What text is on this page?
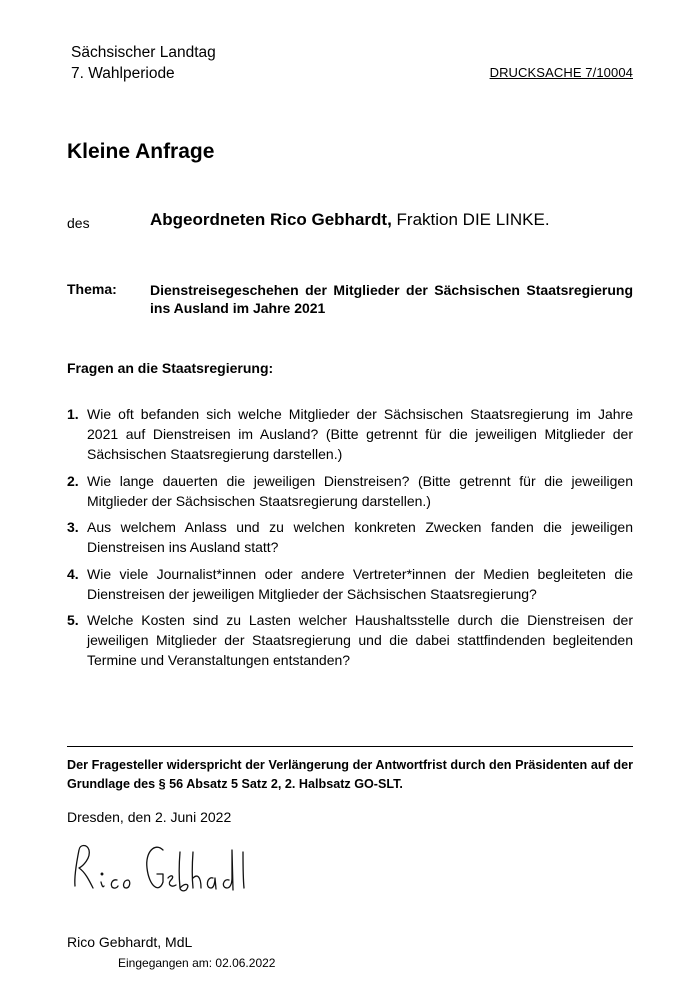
Sächsischer Landtag
7. Wahlperiode	DRUCKSACHE 7/10004
Kleine Anfrage
des	Abgeordneten Rico Gebhardt, Fraktion DIE LINKE.
Thema: Dienstreisegeschehen der Mitglieder der Sächsischen Staatsregierung ins Ausland im Jahre 2021
Fragen an die Staatsregierung:
1. Wie oft befanden sich welche Mitglieder der Sächsischen Staatsregierung im Jahre 2021 auf Dienstreisen im Ausland? (Bitte getrennt für die jeweiligen Mitglieder der Sächsischen Staatsregierung darstellen.)
2. Wie lange dauerten die jeweiligen Dienstreisen? (Bitte getrennt für die jeweiligen Mitglieder der Sächsischen Staatsregierung darstellen.)
3. Aus welchem Anlass und zu welchen konkreten Zwecken fanden die jeweiligen Dienstreisen ins Ausland statt?
4. Wie viele Journalist*innen oder andere Vertreter*innen der Medien begleiteten die Dienstreisen der jeweiligen Mitglieder der Sächsischen Staatsregierung?
5. Welche Kosten sind zu Lasten welcher Haushaltsstelle durch die Dienstreisen der jeweiligen Mitglieder der Staatsregierung und die dabei stattfindenden begleitenden Termine und Veranstaltungen entstanden?
Der Fragesteller widerspricht der Verlängerung der Antwortfrist durch den Präsidenten auf der Grundlage des § 56 Absatz 5 Satz 2, 2. Halbsatz GO-SLT.
Dresden, den 2. Juni 2022
Rico Gebhardt, MdL
Eingegangen am: 02.06.2022
